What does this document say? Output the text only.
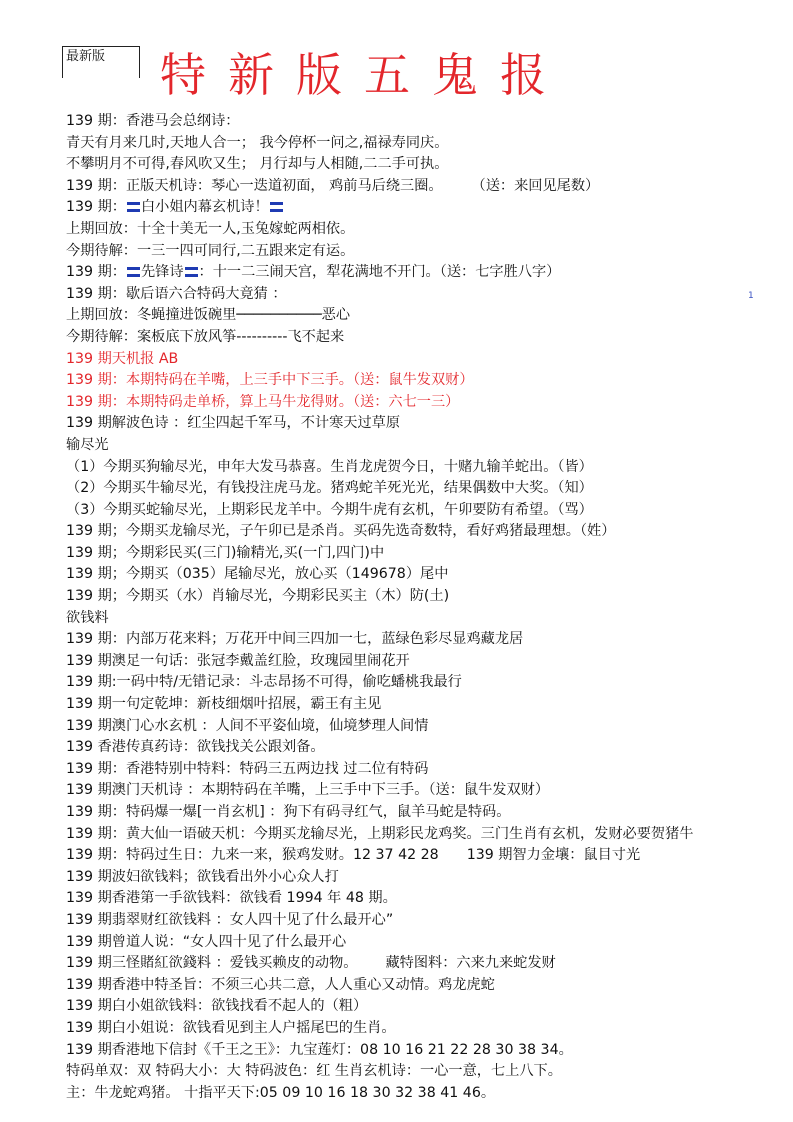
最新版	特新版五鬼报
1
139 期：香港马会总纲诗：
青天有月来几时,天地人合一； 我今停杯一问之,福禄寿同庆。
不攀明月不可得,春风吹又生； 月行却与人相随,二二手可执。
139 期：正版天机诗：琴心一迭道初面， 鸡前马后绕三圈。	（送：来回见尾数）
139 期： 白小姐内幕玄机诗！
上期回放：十全十美无一人,玉兔嫁蛇两相依。
今期待解：一三一四可同行,二五跟来定有运。
139 期： 先锋诗 ：十一二三闹天宫，犁花满地不开门。（送：七字胜八字）
139 期：歇后语六合特码大竟猜 ：
上期回放：冬蝇撞进饭碗里──────────恶心
今期待解：案板底下放风筝----------飞不起来
139 期天机报 AB
139 期：本期特码在羊嘴，上三手中下三手。（送：鼠牛发双财）
139 期：本期特码走单桥，算上马牛龙得财。（送：六七一三）
139 期解波色诗 ：红尘四起千军马，不计寒天过草原
输尽光
（1）今期买狗输尽光，申年大发马恭喜。生肖龙虎贺今日，十赌九输羊蛇出。（皆）
（2）今期买牛输尽光，有钱投注虎马龙。猪鸡蛇羊死光光，结果偶数中大奖。（知）
（3）今期买蛇输尽光，上期彩民龙羊中。今期牛虎有玄机，午卯要防有希望。（骂）
139 期；今期买龙输尽光，子午卯已是杀肖。买码先选奇数特，看好鸡猪最理想。（姓）
139 期；今期彩民买(三门)输精光,买(一门,四门)中
139 期；今期买（035）尾输尽光，放心买（149678）尾中
139 期；今期买（水）肖输尽光，今期彩民买主（木）防(土)
欲钱料
139 期：内部万花来料；万花开中间三四加一七，蓝绿色彩尽显鸡藏龙居
139 期澳足一句话：张冠李戴盖红脸，玫瑰园里闹花开
139 期:一码中特/无错记录：斗志昂扬不可得，偷吃蟠桃我最行
139 期一句定乾坤：新枝细烟叶招展，霸王有主见
139 期澳门心水玄机 ：人间不平姿仙境，仙境梦理人间情
139 香港传真药诗：欲钱找关公跟刘备。
139 期：香港特别中特料：特码三五两边找 过二位有特码
139 期澳门天机诗 ：本期特码在羊嘴，上三手中下三手。（送：鼠牛发双财）
139 期：特码爆一爆[一肖玄机] ：狗下有码寻红气，鼠羊马蛇是特码。
139 期：黄大仙一语破天机：今期买龙输尽光，上期彩民龙鸡奖。三门生肖有玄机，发财必要贺猪牛
139 期：特码过生日：九来一来，猴鸡发财。12 37 42 28 139 期智力金壤：鼠目寸光
139 期波妇欲钱料；欲钱看出外小心众人打
139 期香港第一手欲钱料：欲钱看 1994 年 48 期。
139 期翡翠财红欲钱料 ：女人四十见了什么最开心”
139 期曾道人说：“女人四十见了什么最开心
139 期三怪賭紅欲錢料 ：爱钱买赖皮的动物。 藏特图料：六来九来蛇发财
139 期香港中特圣旨：不须三心共二意，人人重心又动情。鸡龙虎蛇
139 期白小姐欲钱料：欲钱找看不起人的（粗）
139 期白小姐说：欲钱看见到主人户摇尾巴的生肖。
139 期香港地下信封《千王之王》：九宝莲灯：08 10 16 21 22 28 30 38 34。
特码单双：双 特码大小：大 特码波色：红 生肖玄机诗：一心一意，七上八下。
主：牛龙蛇鸡猪。 十指平天下:05 09 10 16 18 30 32 38 41 46。
